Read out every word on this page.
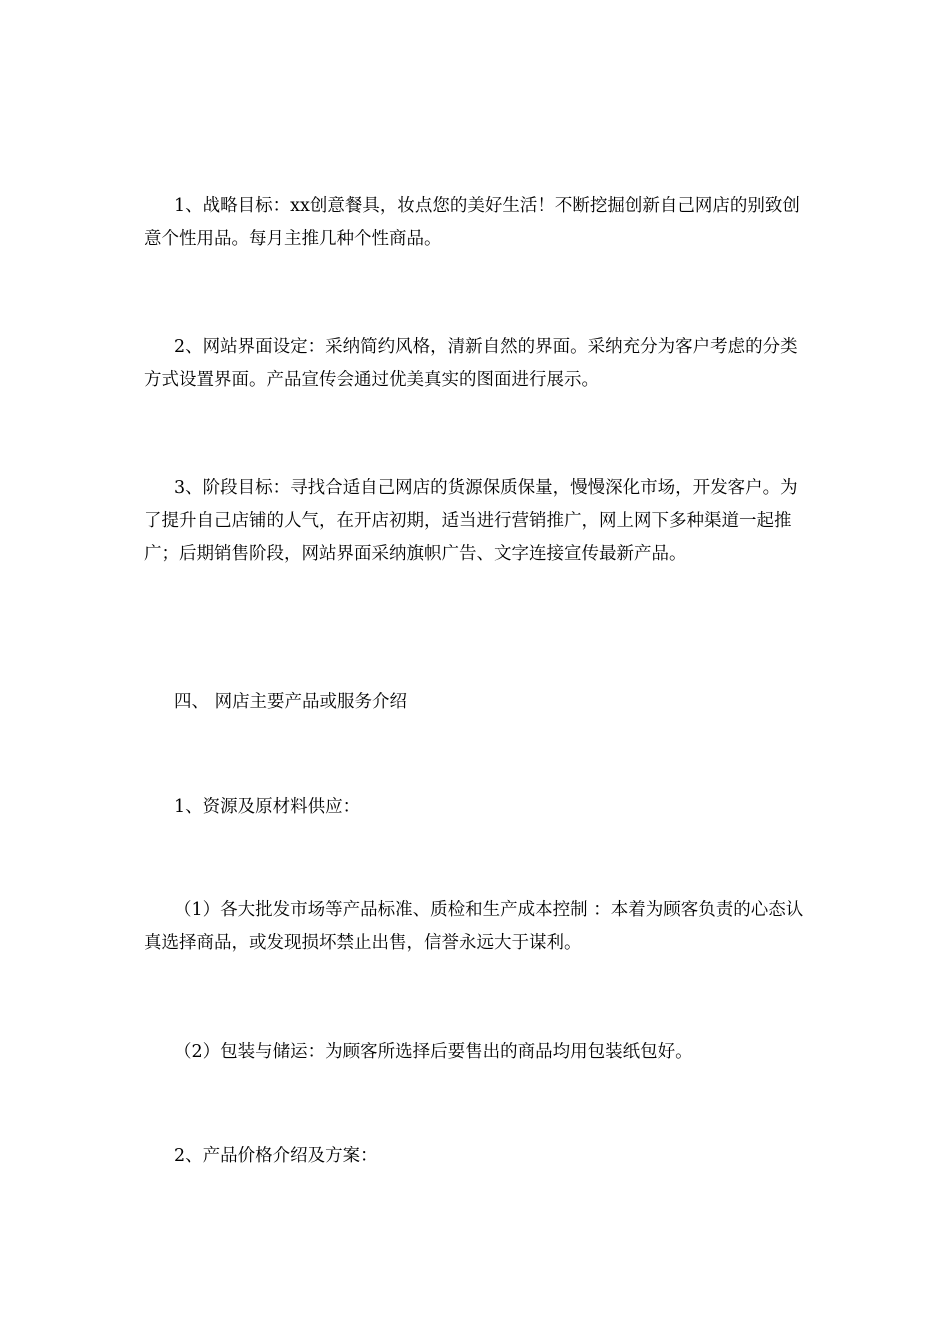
1、战略目标：xx创意餐具，妆点您的美好生活！不断挖掘创新自己网店的别致创意个性用品。每月主推几种个性商品。

2、网站界面设定：采纳简约风格，清新自然的界面。采纳充分为客户考虑的分类方式设置界面。产品宣传会通过优美真实的图面进行展示。

3、阶段目标：寻找合适自己网店的货源保质保量，慢慢深化市场，开发客户。为了提升自己店铺的人气，在开店初期，适当进行营销推广，网上网下多种渠道一起推广；后期销售阶段，网站界面采纳旗帜广告、文字连接宣传最新产品。

四、 网店主要产品或服务介绍

1、资源及原材料供应：

（1）各大批发市场等产品标准、质检和生产成本控制 ：本着为顾客负责的心态认真选择商品，或发现损坏禁止出售，信誉永远大于谋利。

（2）包装与储运：为顾客所选择后要售出的商品均用包装纸包好。

2、产品价格介绍及方案：
